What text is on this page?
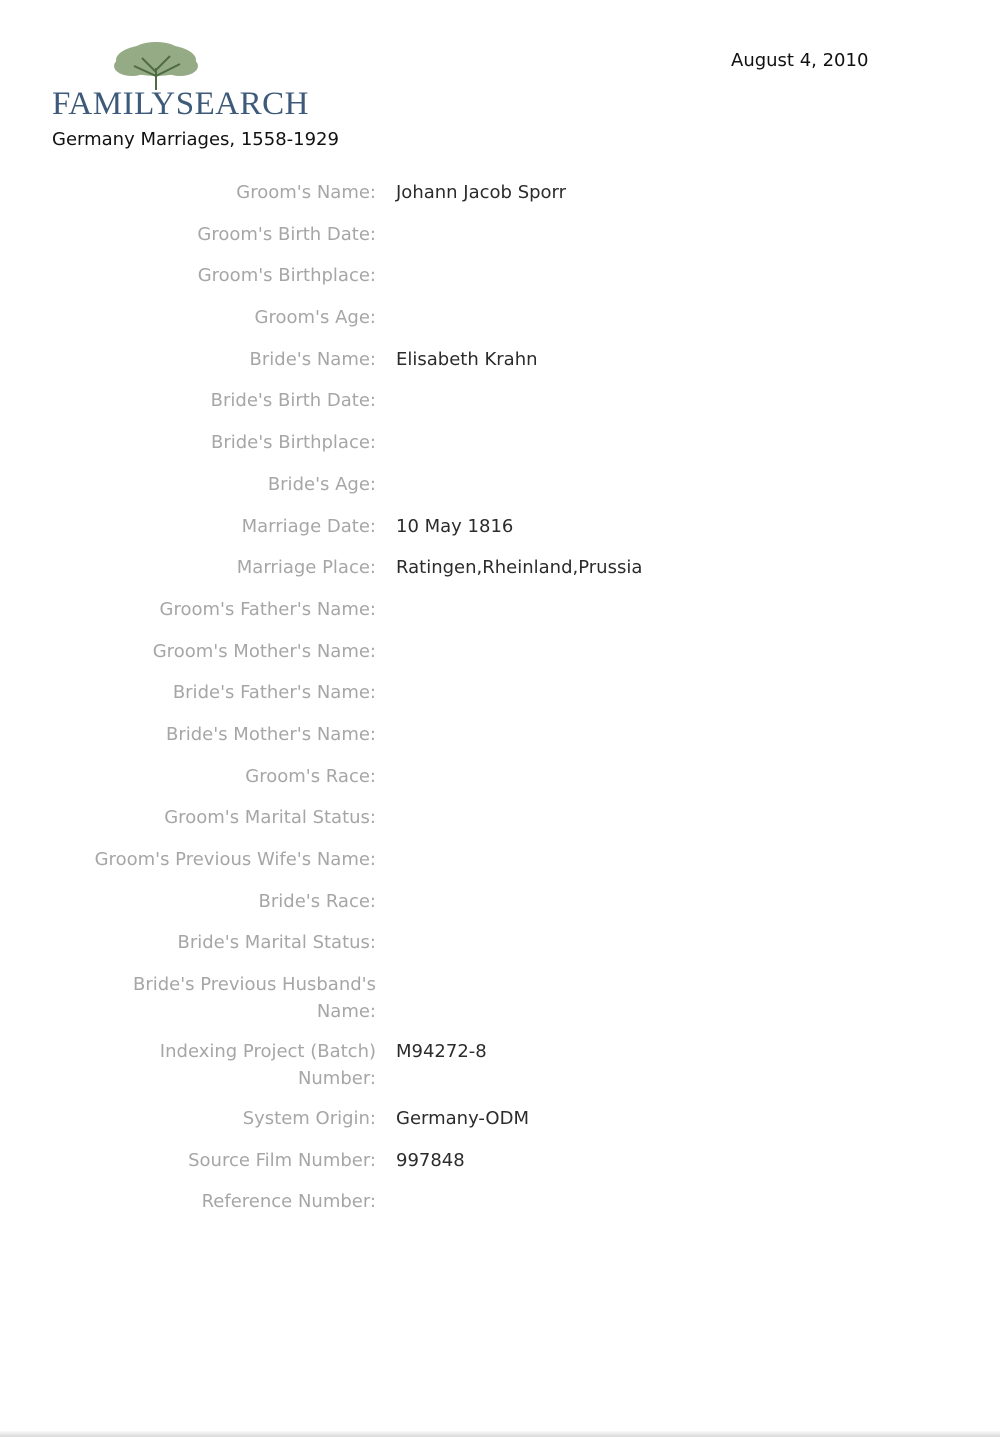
FAMILYSEARCH
Germany Marriages, 1558-1929
August 4, 2010
Groom's Name: Johann Jacob Sporr
Groom's Birth Date:
Groom's Birthplace:
Groom's Age:
Bride's Name: Elisabeth Krahn
Bride's Birth Date:
Bride's Birthplace:
Bride's Age:
Marriage Date: 10 May 1816
Marriage Place: Ratingen,Rheinland,Prussia
Groom's Father's Name:
Groom's Mother's Name:
Bride's Father's Name:
Bride's Mother's Name:
Groom's Race:
Groom's Marital Status:
Groom's Previous Wife's Name:
Bride's Race:
Bride's Marital Status:
Bride's Previous Husband's Name:
Indexing Project (Batch) Number:
M94272-8
System Origin: Germany-ODM
Source Film Number: 997848
Reference Number:
